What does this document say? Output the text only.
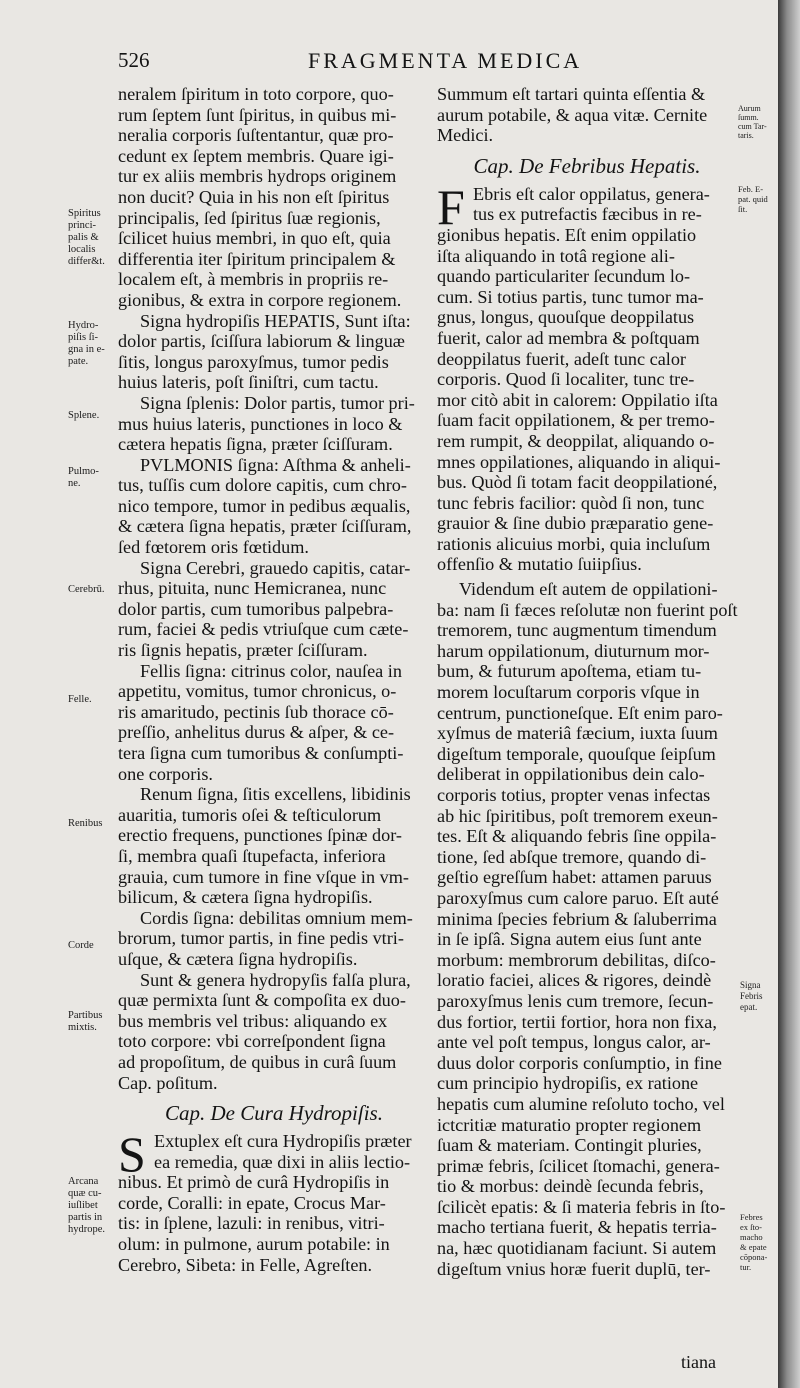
526	FRAGMENTA MEDICA
neralem ſpiritum in toto corpore, quo-
rum ſeptem ſunt ſpiritus, in quibus mi-
neralia corporis ſuſtentantur, quæ pro-
cedunt ex ſeptem membris. Quare igi-
tur ex aliis membris hydrops originem
non ducit? Quia in his non eſt ſpiritus
principalis, ſed ſpiritus ſuæ regionis,
ſcilicet huius membri, in quo eſt, quia
differentia iter ſpiritum principalem &
localem eſt, à membris in propriis re-
gionibus, & extra in corpore regionem.
Signa hydropiſis HEPATIS, Sunt iſta:
dolor partis, ſciſſura labiorum & linguæ
ſitis, longus paroxyſmus, tumor pedis
huius lateris, poſt ſiniſtri, cum tactu.
Signa ſplenis: Dolor partis, tumor pri-
mus huius lateris, punctiones in loco &
cætera hepatis ſigna, præter ſciſſuram.
PVLMONIS ſigna: Aſthma & anheli-
tus, tuſſis cum dolore capitis, cum chro-
nico tempore, tumor in pedibus æqualis,
& cætera ſigna hepatis, præter ſciſſuram,
ſed fœtorem oris fœtidum.
Signa Cerebri, grauedo capitis, catar-
rhus, pituita, nunc Hemicranea, nunc
dolor partis, cum tumoribus palpebra-
rum, faciei & pedis vtriuſque cum cæte-
ris ſignis hepatis, præter ſciſſuram.
Fellis ſigna: citrinus color, nauſea in
appetitu, vomitus, tumor chronicus, o-
ris amaritudo, pectinis ſub thorace cō-
preſſio, anhelitus durus & aſper, & ce-
tera ſigna cum tumoribus & conſumpti-
one corporis.
Renum ſigna, ſitis excellens, libidinis
auaritia, tumoris oſei & teſticulorum
erectio frequens, punctiones ſpinæ dor-
ſi, membra quaſi ſtupefacta, inferiora
grauia, cum tumore in fine vſque in vm-
bilicum, & cætera ſigna hydropiſis.
Cordis ſigna: debilitas omnium mem-
brorum, tumor partis, in fine pedis vtri-
uſque, & cætera ſigna hydropiſis.
Sunt & genera hydropyſis falſa plura,
quæ permixta ſunt & compoſita ex duo-
bus membris vel tribus: aliquando ex
toto corpore: vbi correſpondent ſigna
ad propoſitum, de quibus in curâ ſuum
Cap. poſitum.
Cap. De Cura Hydropiſis.
S Extuplex eſt cura Hydropiſis præter
ea remedia, quæ dixi in aliis lectio-
nibus. Et primò de curâ Hydropiſis in
corde, Coralli: in epate, Crocus Mar-
tis: in ſplene, lazuli: in renibus, vitri-
olum: in pulmone, aurum potabile: in
Cerebro, Sibeta: in Felle, Agreſten.
Summum eſt tartari quinta eſſentia &
aurum potabile, & aqua vitæ. Cernite
Medici.
Cap. De Febribus Hepatis.
F Ebris eſt calor oppilatus, genera-
tus ex putrefactis fæcibus in re-
gionibus hepatis. Eſt enim oppilatio
iſta aliquando in totâ regione ali-
quando particulariter ſecundum lo-
cum. Si totius partis, tunc tumor ma-
gnus, longus, quouſque deoppilatus
fuerit, calor ad membra & poſtquam
deoppilatus fuerit, adeſt tunc calor
corporis. Quod ſi localiter, tunc tre-
mor citò abit in calorem: Oppilatio iſta
ſuam facit oppilationem, & per tremo-
rem rumpit, & deoppilat, aliquando o-
mnes oppilationes, aliquando in aliqui-
bus. Quòd ſi totam facit deoppilationé,
tunc febris facilior: quòd ſi non, tunc
grauior & ſine dubio præparatio gene-
rationis alicuius morbi, quia incluſum
offenſio & mutatio ſuiipſius.
Videndum eſt autem de oppilationi-
ba: nam ſi fæces reſolutæ non fuerint poſt
tremorem, tunc augmentum timendum
harum oppilationum, diuturnum mor-
bum, & futurum apoſtema, etiam tu-
morem locuſtarum corporis vſque in
centrum, punctioneſque. Eſt enim paro-
xyſmus de materiâ fæcium, iuxta ſuum
digeſtum temporale, quouſque ſeipſum
deliberat in oppilationibus dein calo-
corporis totius, propter venas infectas
ab hic ſpiritibus, poſt tremorem exeun-
tes. Eſt & aliquando febris ſine oppila-
tione, ſed abſque tremore, quando di-
geſtio egreſſum habet: attamen paruus
paroxyſmus cum calore paruo. Eſt auté
minima ſpecies febrium & ſaluberrima
in ſe ipſâ. Signa autem eius ſunt ante
morbum: membrorum debilitas, diſco-
loratio faciei, alices & rigores, deindè
paroxyſmus lenis cum tremore, ſecun-
dus fortior, tertii fortior, hora non fixa,
ante vel poſt tempus, longus calor, ar-
duus dolor corporis conſumptio, in fine
cum principio hydropiſis, ex ratione
hepatis cum alumine reſoluto tocho, vel
ictcritiæ maturatio propter regionem
ſuam & materiam. Contingit pluries,
primæ febris, ſcilicet ſtomachi, genera-
tio & morbus: deindè ſecunda febris,
ſcilicèt epatis: & ſi materia febris in ſto-
macho tertiana fuerit, & hepatis terria-
na, hæc quotidianam faciunt. Si autem
digeſtum vnius horæ fuerit duplū, ter-
tiana
Spiritus
princi-
palis &
localis
differ&t.
Hydro-
piſis ſi-
gna in e-
pate.
Splene.
Pulmo-
ne.
Cerebrū.
Felle.
Renibus
Corde
Partibus
mixtis.
Arcana
quæ cu-
iuſlibet
partis in
hydrope.
Aurum
ſumm.
cum Tar-
taris.
Feb. E-
pat. quid
ſit.
Signa
Febris
epat.
Febres
ex ſto-
macho
& epate
cōpona-
tur.
